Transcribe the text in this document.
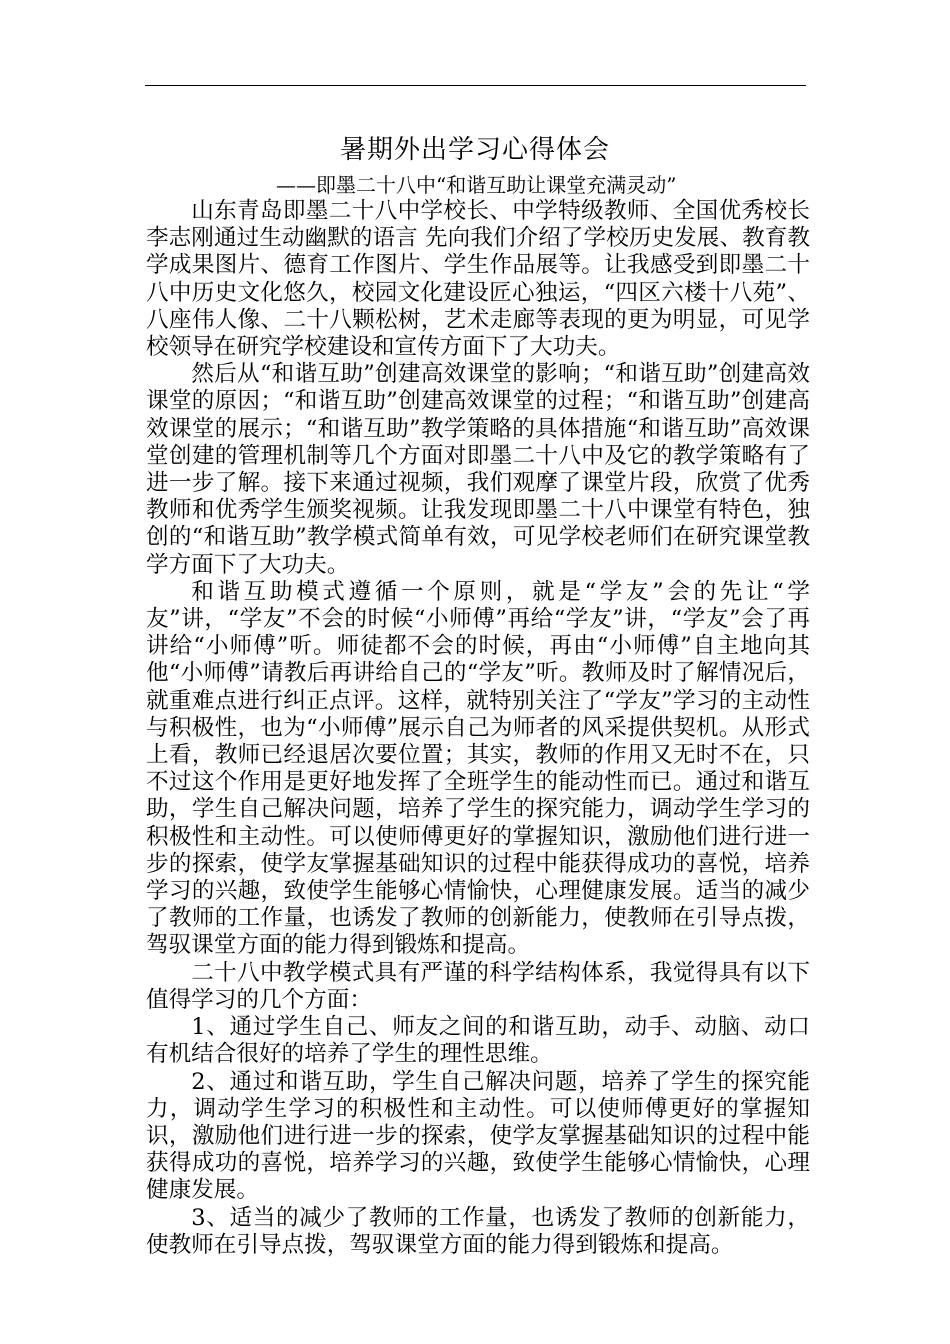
暑期外出学习心得体会
——即墨二十八中“和谐互助让课堂充满灵动”

山东青岛即墨二十八中学校长、中学特级教师、全国优秀校长李志刚通过生动幽默的语言 先向我们介绍了学校历史发展、教育教学成果图片、德育工作图片、学生作品展等。让我感受到即墨二十八中历史文化悠久，校园文化建设匠心独运，“四区六楼十八苑”、八座伟人像、二十八颗松树，艺术走廊等表现的更为明显，可见学校领导在研究学校建设和宣传方面下了大功夫。

然后从“和谐互助”创建高效课堂的影响；“和谐互助”创建高效课堂的原因；“和谐互助”创建高效课堂的过程；“和谐互助”创建高效课堂的展示；“和谐互助”教学策略的具体措施“和谐互助”高效课堂创建的管理机制等几个方面对即墨二十八中及它的教学策略有了进一步了解。接下来通过视频，我们观摩了课堂片段，欣赏了优秀教师和优秀学生颁奖视频。让我发现即墨二十八中课堂有特色，独创的“和谐互助”教学模式简单有效，可见学校老师们在研究课堂教学方面下了大功夫。

和谐互助模式遵循一个原则，就是“学友”会的先让“学友”讲，“学友”不会的时候“小师傅”再给“学友”讲，“学友”会了再讲给“小师傅”听。师徒都不会的时候，再由“小师傅”自主地向其他“小师傅”请教后再讲给自己的“学友”听。教师及时了解情况后，就重难点进行纠正点评。这样，就特别关注了“学友”学习的主动性与积极性，也为“小师傅”展示自己为师者的风采提供契机。从形式上看，教师已经退居次要位置；其实，教师的作用又无时不在，只不过这个作用是更好地发挥了全班学生的能动性而已。通过和谐互助，学生自己解决问题，培养了学生的探究能力，调动学生学习的积极性和主动性。可以使师傅更好的掌握知识，激励他们进行进一步的探索，使学友掌握基础知识的过程中能获得成功的喜悦，培养学习的兴趣，致使学生能够心情愉快，心理健康发展。适当的减少了教师的工作量，也诱发了教师的创新能力，使教师在引导点拨，驾驭课堂方面的能力得到锻炼和提高。

二十八中教学模式具有严谨的科学结构体系，我觉得具有以下值得学习的几个方面：

1、通过学生自己、师友之间的和谐互助，动手、动脑、动口有机结合很好的培养了学生的理性思维。

2、通过和谐互助，学生自己解决问题，培养了学生的探究能力，调动学生学习的积极性和主动性。可以使师傅更好的掌握知识，激励他们进行进一步的探索，使学友掌握基础知识的过程中能获得成功的喜悦，培养学习的兴趣，致使学生能够心情愉快，心理健康发展。

3、适当的减少了教师的工作量，也诱发了教师的创新能力，使教师在引导点拨，驾驭课堂方面的能力得到锻炼和提高。
